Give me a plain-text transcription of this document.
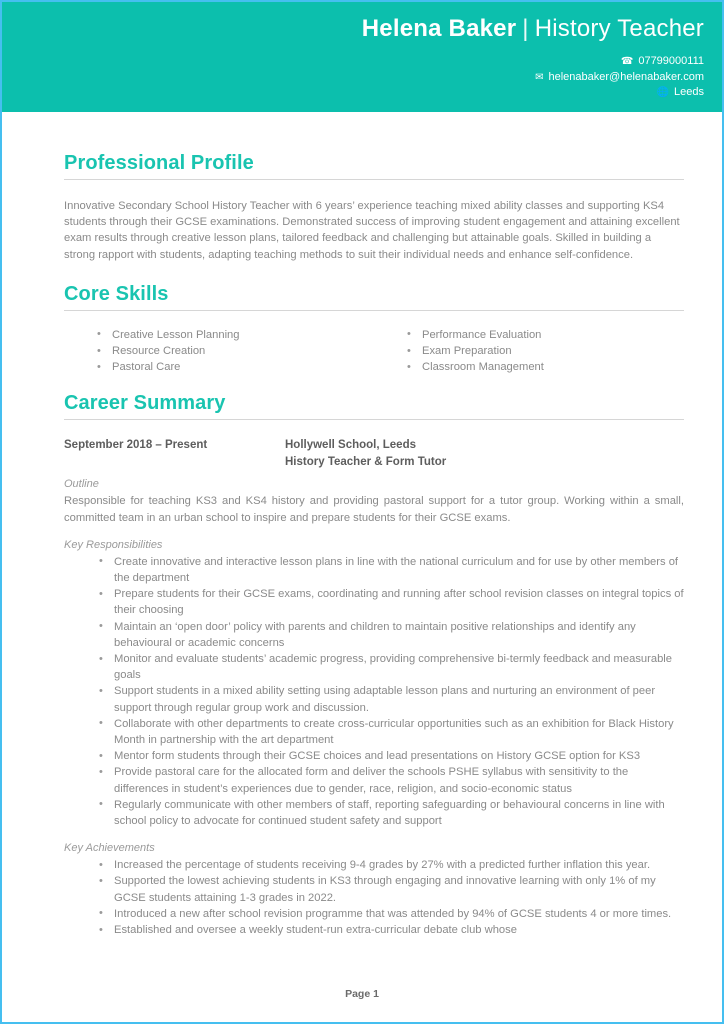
Helena Baker | History Teacher
☎ 07799000111
✉ helenabaker@helenabaker.com
🌐 Leeds
Professional Profile
Innovative Secondary School History Teacher with 6 years’ experience teaching mixed ability classes and supporting KS4 students through their GCSE examinations. Demonstrated success of improving student engagement and attaining excellent exam results through creative lesson plans, tailored feedback and challenging but attainable goals. Skilled in building a strong rapport with students, adapting teaching methods to suit their individual needs and enhance self-confidence.
Core Skills
• Creative Lesson Planning
• Resource Creation
• Pastoral Care
• Performance Evaluation
• Exam Preparation
• Classroom Management
Career Summary
September 2018 – Present	Hollywell School, Leeds
History Teacher & Form Tutor
Outline
Responsible for teaching KS3 and KS4 history and providing pastoral support for a tutor group. Working within a small, committed team in an urban school to inspire and prepare students for their GCSE exams.
Key Responsibilities
• Create innovative and interactive lesson plans in line with the national curriculum and for use by other members of the department
• Prepare students for their GCSE exams, coordinating and running after school revision classes on integral topics of their choosing
• Maintain an ‘open door’ policy with parents and children to maintain positive relationships and identify any behavioural or academic concerns
• Monitor and evaluate students’ academic progress, providing comprehensive bi-termly feedback and measurable goals
• Support students in a mixed ability setting using adaptable lesson plans and nurturing an environment of peer support through regular group work and discussion.
• Collaborate with other departments to create cross-curricular opportunities such as an exhibition for Black History Month in partnership with the art department
• Mentor form students through their GCSE choices and lead presentations on History GCSE option for KS3
• Provide pastoral care for the allocated form and deliver the schools PSHE syllabus with sensitivity to the differences in student’s experiences due to gender, race, religion, and socio-economic status
• Regularly communicate with other members of staff, reporting safeguarding or behavioural concerns in line with school policy to advocate for continued student safety and support
Key Achievements
• Increased the percentage of students receiving 9-4 grades by 27% with a predicted further inflation this year.
• Supported the lowest achieving students in KS3 through engaging and innovative learning with only 1% of my GCSE students attaining 1-3 grades in 2022.
• Introduced a new after school revision programme that was attended by 94% of GCSE students 4 or more times.
• Established and oversee a weekly student-run extra-curricular debate club whose
Page 1
